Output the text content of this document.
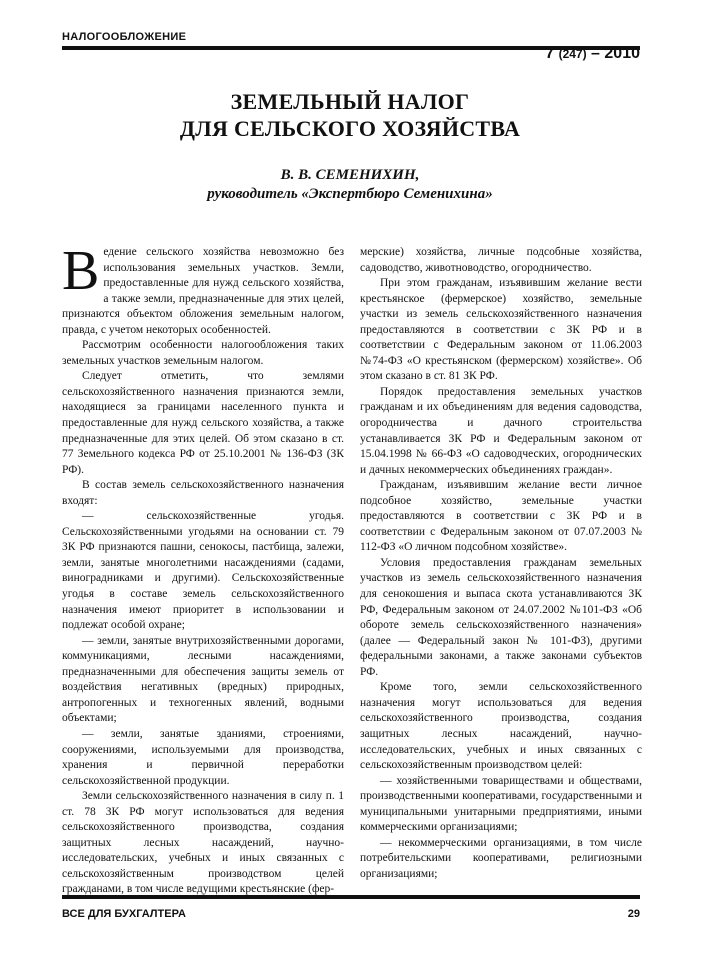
НАЛОГООБЛОЖЕНИЕ
7 (247) – 2010
ЗЕМЕЛЬНЫЙ НАЛОГ
ДЛЯ СЕЛЬСКОГО ХОЗЯЙСТВА
В. В. СЕМЕНИХИН,
руководитель «Экспертбюро Семенихина»

Ведение сельского хозяйства невозможно без использования земельных участков. Земли, предоставленные для нужд сельского хозяйства, а также земли, предназначенные для этих целей, признаются объектом обложения земельным налогом, правда, с учетом некоторых особенностей.

Рассмотрим особенности налогообложения таких земельных участков земельным налогом.

Следует отметить, что землями сельскохозяйственного назначения признаются земли, находящиеся за границами населенного пункта и предоставленные для нужд сельского хозяйства, а также предназначенные для этих целей. Об этом сказано в ст. 77 Земельного кодекса РФ от 25.10.2001 № 136-ФЗ (ЗК РФ).

В состав земель сельскохозяйственного назначения входят:

— сельскохозяйственные угодья. Сельскохозяйственными угодьями на основании ст. 79 ЗК РФ признаются пашни, сенокосы, пастбища, залежи, земли, занятые многолетними насаждениями (садами, виноградниками и другими). Сельскохозяйственные угодья в составе земель сельскохозяйственного назначения имеют приоритет в использовании и подлежат особой охране;

— земли, занятые внутрихозяйственными дорогами, коммуникациями, лесными насаждениями, предназначенными для обеспечения защиты земель от воздействия негативных (вредных) природных, антропогенных и техногенных явлений, водными объектами;

— земли, занятые зданиями, строениями, сооружениями, используемыми для производства, хранения и первичной переработки сельскохозяйственной продукции.

Земли сельскохозяйственного назначения в силу п. 1 ст. 78 ЗК РФ могут использоваться для ведения сельскохозяйственного производства, создания защитных лесных насаждений, научно-исследовательских, учебных и иных связанных с сельскохозяйственным производством целей гражданами, в том числе ведущими крестьянские (фер-

мерские) хозяйства, личные подсобные хозяйства, садоводство, животноводство, огородничество.

При этом гражданам, изъявившим желание вести крестьянское (фермерское) хозяйство, земельные участки из земель сельскохозяйственного назначения предоставляются в соответствии с ЗК РФ и в соответствии с Федеральным законом от 11.06.2003 №74-ФЗ «О крестьянском (фермерском) хозяйстве». Об этом сказано в ст. 81 ЗК РФ.

Порядок предоставления земельных участков гражданам и их объединениям для ведения садоводства, огородничества и дачного строительства устанавливается ЗК РФ и Федеральным законом от 15.04.1998 № 66-ФЗ «О садоводческих, огороднических и дачных некоммерческих объединениях граждан».

Гражданам, изъявившим желание вести личное подсобное хозяйство, земельные участки предоставляются в соответствии с ЗК РФ и в соответствии с Федеральным законом от 07.07.2003 № 112-ФЗ «О личном подсобном хозяйстве».

Условия предоставления гражданам земельных участков из земель сельскохозяйственного назначения для сенокошения и выпаса скота устанавливаются ЗК РФ, Федеральным законом от 24.07.2002 №101-ФЗ «Об обороте земель сельскохозяйственного назначения» (далее — Федеральный закон № 101-ФЗ), другими федеральными законами, а также законами субъектов РФ.

Кроме того, земли сельскохозяйственного назначения могут использоваться для ведения сельскохозяйственного производства, создания защитных лесных насаждений, научно-исследовательских, учебных и иных связанных с сельскохозяйственным производством целей:

— хозяйственными товариществами и обществами, производственными кооперативами, государственными и муниципальными унитарными предприятиями, иными коммерческими организациями;

— некоммерческими организациями, в том числе потребительскими кооперативами, религиозными организациями;

ВСЕ ДЛЯ БУХГАЛТЕРА	29
